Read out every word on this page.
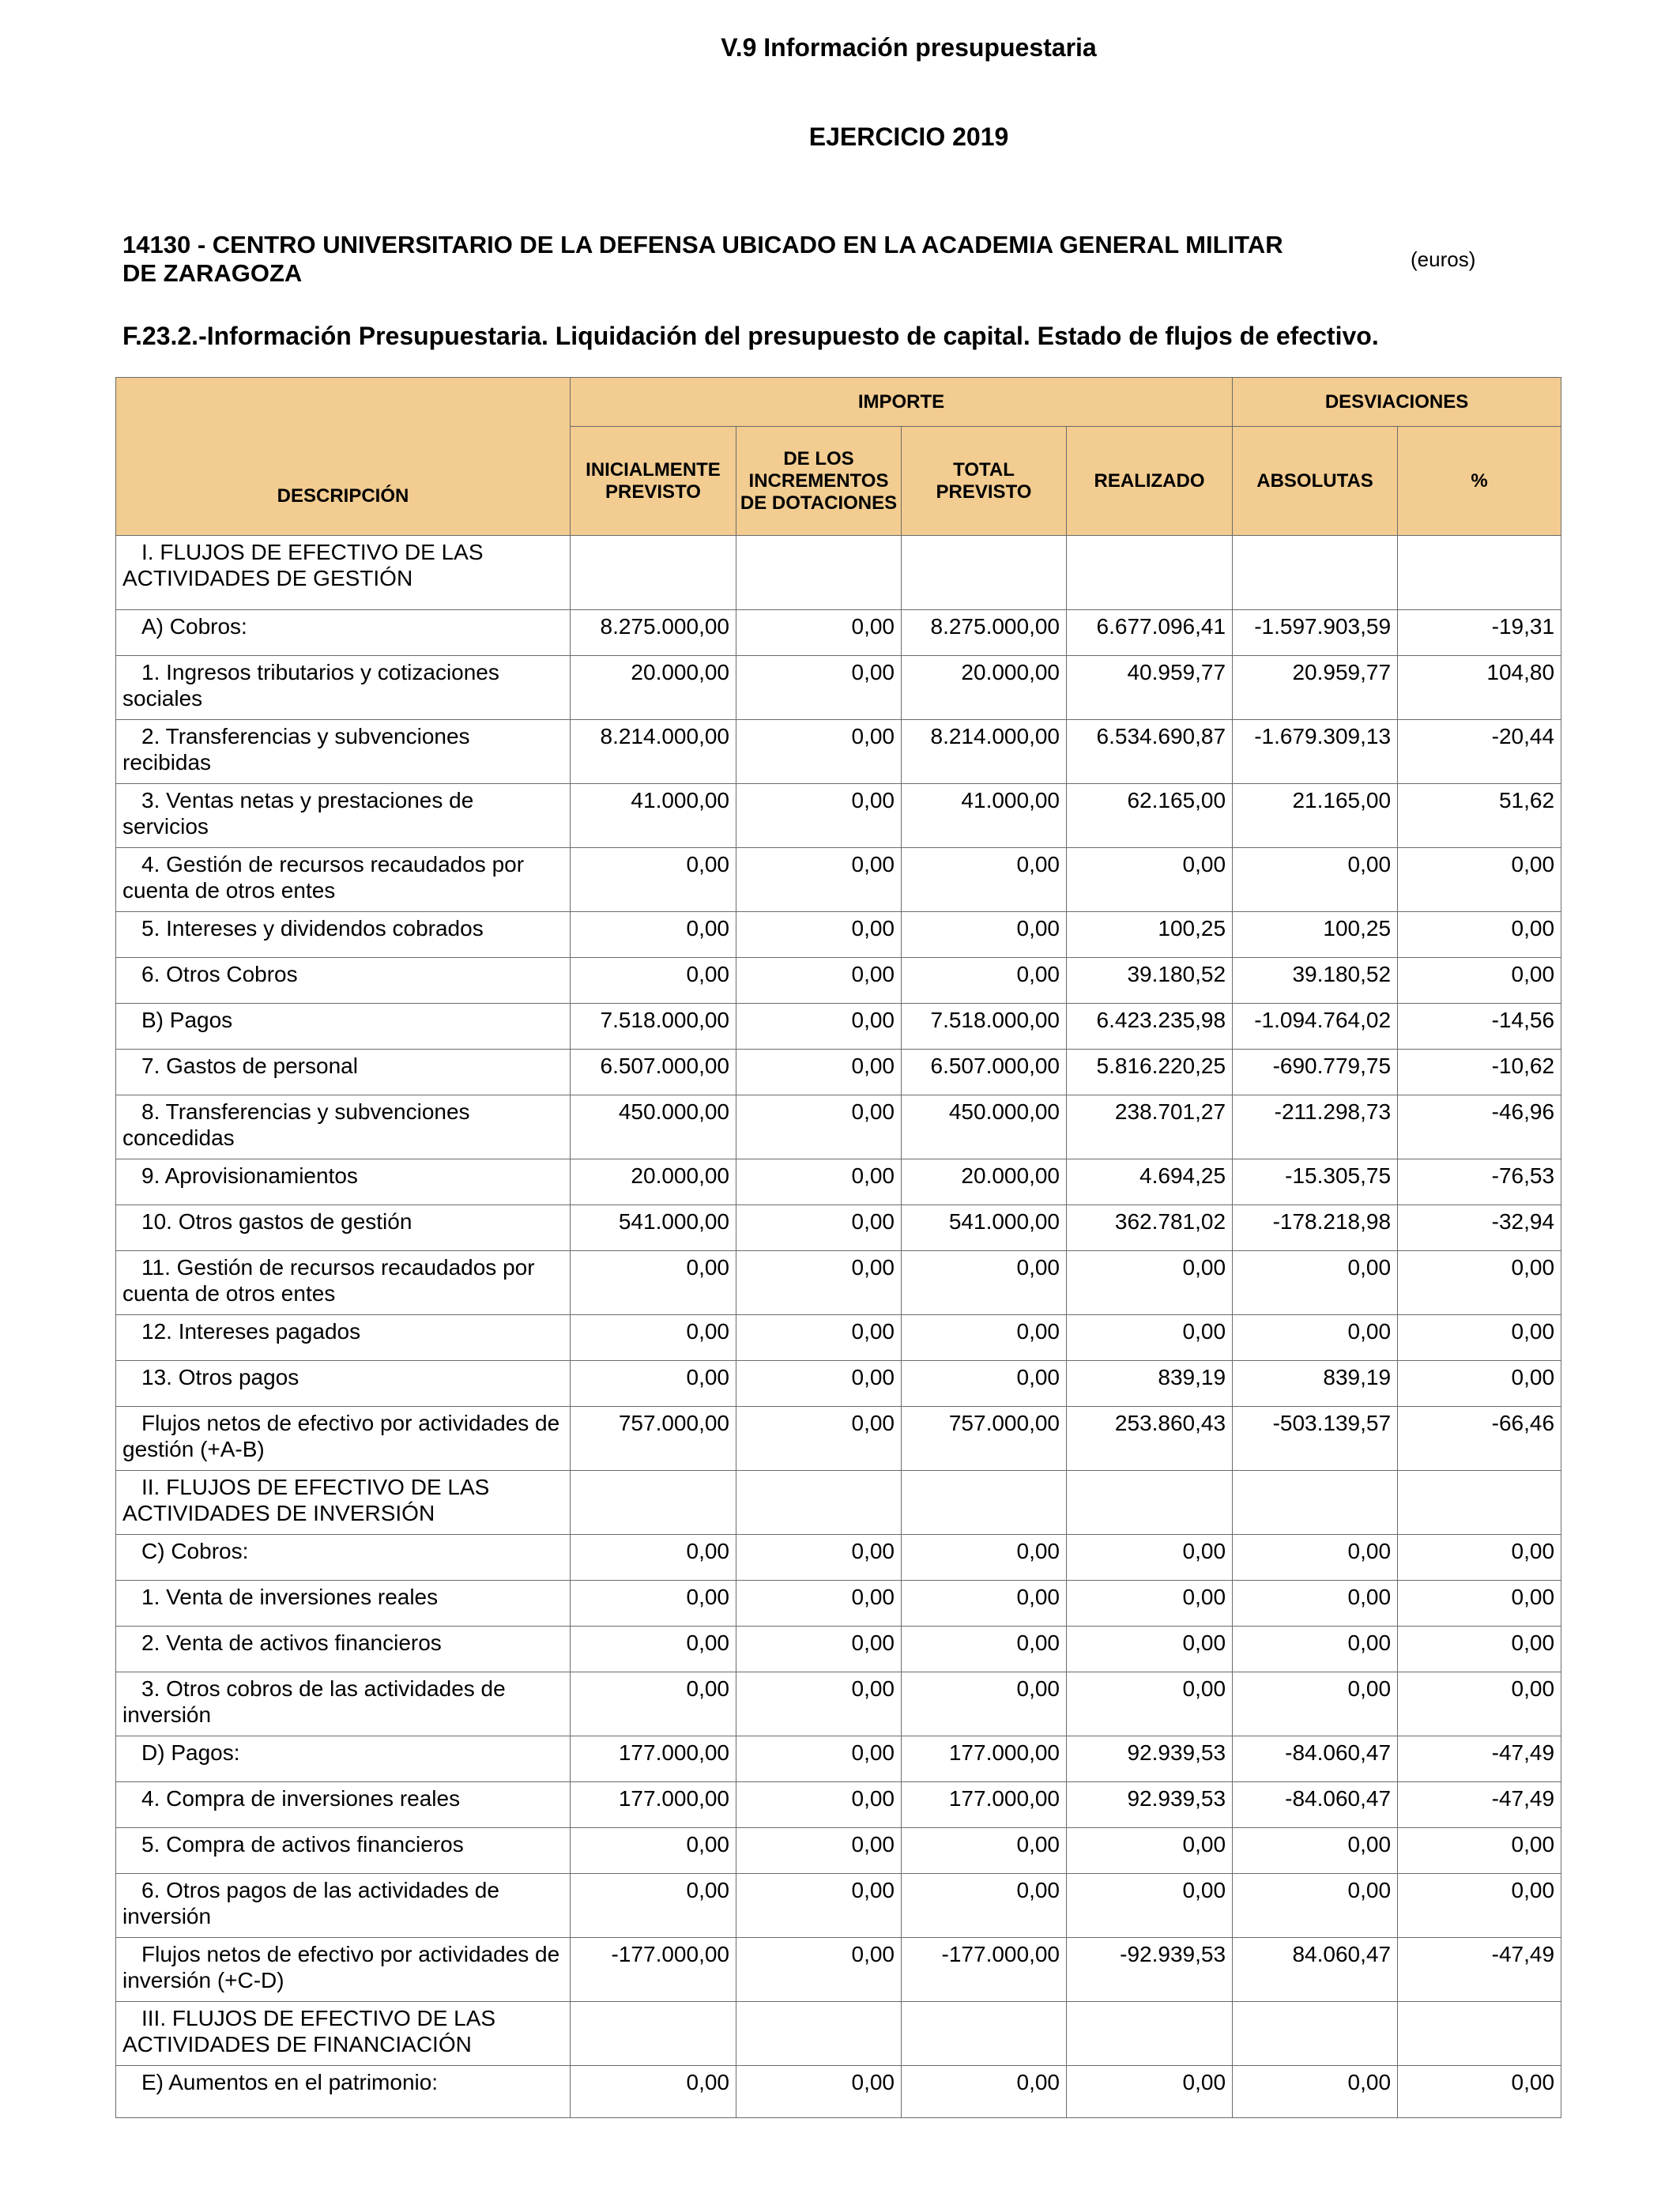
V.9 Información presupuestaria
EJERCICIO 2019
14130 - CENTRO UNIVERSITARIO DE LA DEFENSA UBICADO EN LA ACADEMIA GENERAL MILITAR DE ZARAGOZA	(euros)
F.23.2.-Información Presupuestaria. Liquidación del presupuesto de capital. Estado de flujos de efectivo.
DESCRIPCIÓN	IMPORTE				DESVIACIONES	
	INICIALMENTE PREVISTO	DE LOS INCREMENTOS DE DOTACIONES	TOTAL PREVISTO	REALIZADO	ABSOLUTAS	%
I. FLUJOS DE EFECTIVO DE LAS ACTIVIDADES DE GESTIÓN						
A) Cobros:	8.275.000,00	0,00	8.275.000,00	6.677.096,41	-1.597.903,59	-19,31
1. Ingresos tributarios y cotizaciones sociales	20.000,00	0,00	20.000,00	40.959,77	20.959,77	104,80
2. Transferencias y subvenciones recibidas	8.214.000,00	0,00	8.214.000,00	6.534.690,87	-1.679.309,13	-20,44
3. Ventas netas y prestaciones de servicios	41.000,00	0,00	41.000,00	62.165,00	21.165,00	51,62
4. Gestión de recursos recaudados por cuenta de otros entes	0,00	0,00	0,00	0,00	0,00	0,00
5. Intereses y dividendos cobrados	0,00	0,00	0,00	100,25	100,25	0,00
6. Otros Cobros	0,00	0,00	0,00	39.180,52	39.180,52	0,00
B) Pagos	7.518.000,00	0,00	7.518.000,00	6.423.235,98	-1.094.764,02	-14,56
7. Gastos de personal	6.507.000,00	0,00	6.507.000,00	5.816.220,25	-690.779,75	-10,62
8. Transferencias y subvenciones concedidas	450.000,00	0,00	450.000,00	238.701,27	-211.298,73	-46,96
9. Aprovisionamientos	20.000,00	0,00	20.000,00	4.694,25	-15.305,75	-76,53
10. Otros gastos de gestión	541.000,00	0,00	541.000,00	362.781,02	-178.218,98	-32,94
11. Gestión de recursos recaudados por cuenta de otros entes	0,00	0,00	0,00	0,00	0,00	0,00
12. Intereses pagados	0,00	0,00	0,00	0,00	0,00	0,00
13. Otros pagos	0,00	0,00	0,00	839,19	839,19	0,00
Flujos netos de efectivo por actividades de gestión (+A-B)	757.000,00	0,00	757.000,00	253.860,43	-503.139,57	-66,46
II. FLUJOS DE EFECTIVO DE LAS ACTIVIDADES DE INVERSIÓN						
C) Cobros:	0,00	0,00	0,00	0,00	0,00	0,00
1. Venta de inversiones reales	0,00	0,00	0,00	0,00	0,00	0,00
2. Venta de activos financieros	0,00	0,00	0,00	0,00	0,00	0,00
3. Otros cobros de las actividades de inversión	0,00	0,00	0,00	0,00	0,00	0,00
D) Pagos:	177.000,00	0,00	177.000,00	92.939,53	-84.060,47	-47,49
4. Compra de inversiones reales	177.000,00	0,00	177.000,00	92.939,53	-84.060,47	-47,49
5. Compra de activos financieros	0,00	0,00	0,00	0,00	0,00	0,00
6. Otros pagos de las actividades de inversión	0,00	0,00	0,00	0,00	0,00	0,00
Flujos netos de efectivo por actividades de inversión (+C-D)	-177.000,00	0,00	-177.000,00	-92.939,53	84.060,47	-47,49
III. FLUJOS DE EFECTIVO DE LAS ACTIVIDADES DE FINANCIACIÓN						
E) Aumentos en el patrimonio:	0,00	0,00	0,00	0,00	0,00	0,00
